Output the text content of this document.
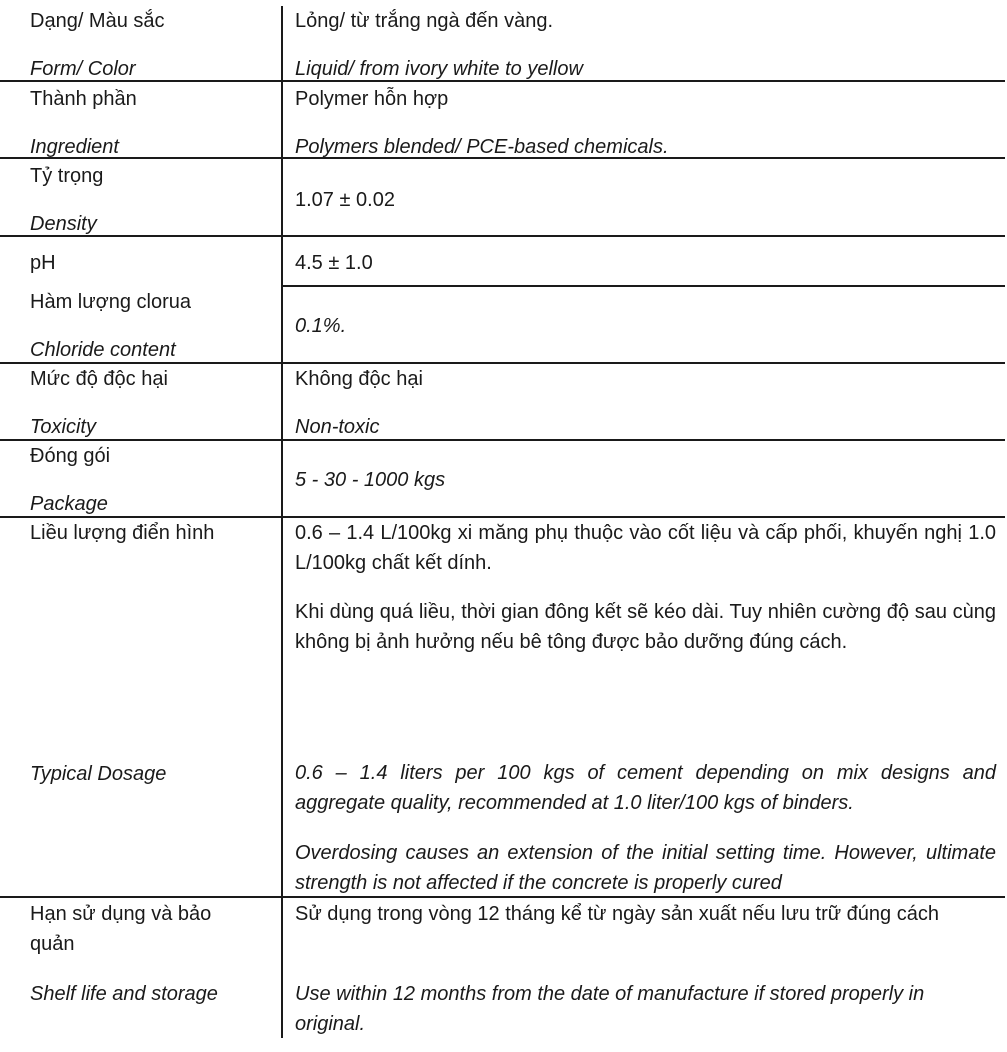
Dạng/ Màu sắc
Form/ Color
Lỏng/ từ trắng ngà đến vàng.
Liquid/ from ivory white to yellow
Thành phần
Ingredient
Polymer hỗn hợp
Polymers blended/ PCE-based chemicals.
Tỷ trọng
Density
1.07 ± 0.02
pH	4.5 ± 1.0
Hàm lượng clorua
Chloride content
0.1%.
Mức độ độc hại
Toxicity
Không độc hại
Non-toxic
Đóng gói
Package
5 - 30 - 1000 kgs
Liều lượng điển hình
Typical Dosage
0.6 – 1.4 L/100kg xi măng phụ thuộc vào cốt liệu và cấp phối, khuyến nghị 1.0 L/100kg chất kết dính.
Khi dùng quá liều, thời gian đông kết sẽ kéo dài. Tuy nhiên cường độ sau cùng không bị ảnh hưởng nếu bê tông được bảo dưỡng đúng cách.
0.6 – 1.4 liters per 100 kgs of cement depending on mix designs and aggregate quality, recommended at 1.0 liter/100 kgs of binders.
Overdosing causes an extension of the initial setting time. However, ultimate strength is not affected if the concrete is properly cured
Hạn sử dụng và bảo quản
Shelf life and storage
Sử dụng trong vòng 12 tháng kể từ ngày sản xuất nếu lưu trữ đúng cách
Use within 12 months from the date of manufacture if stored properly in original.
